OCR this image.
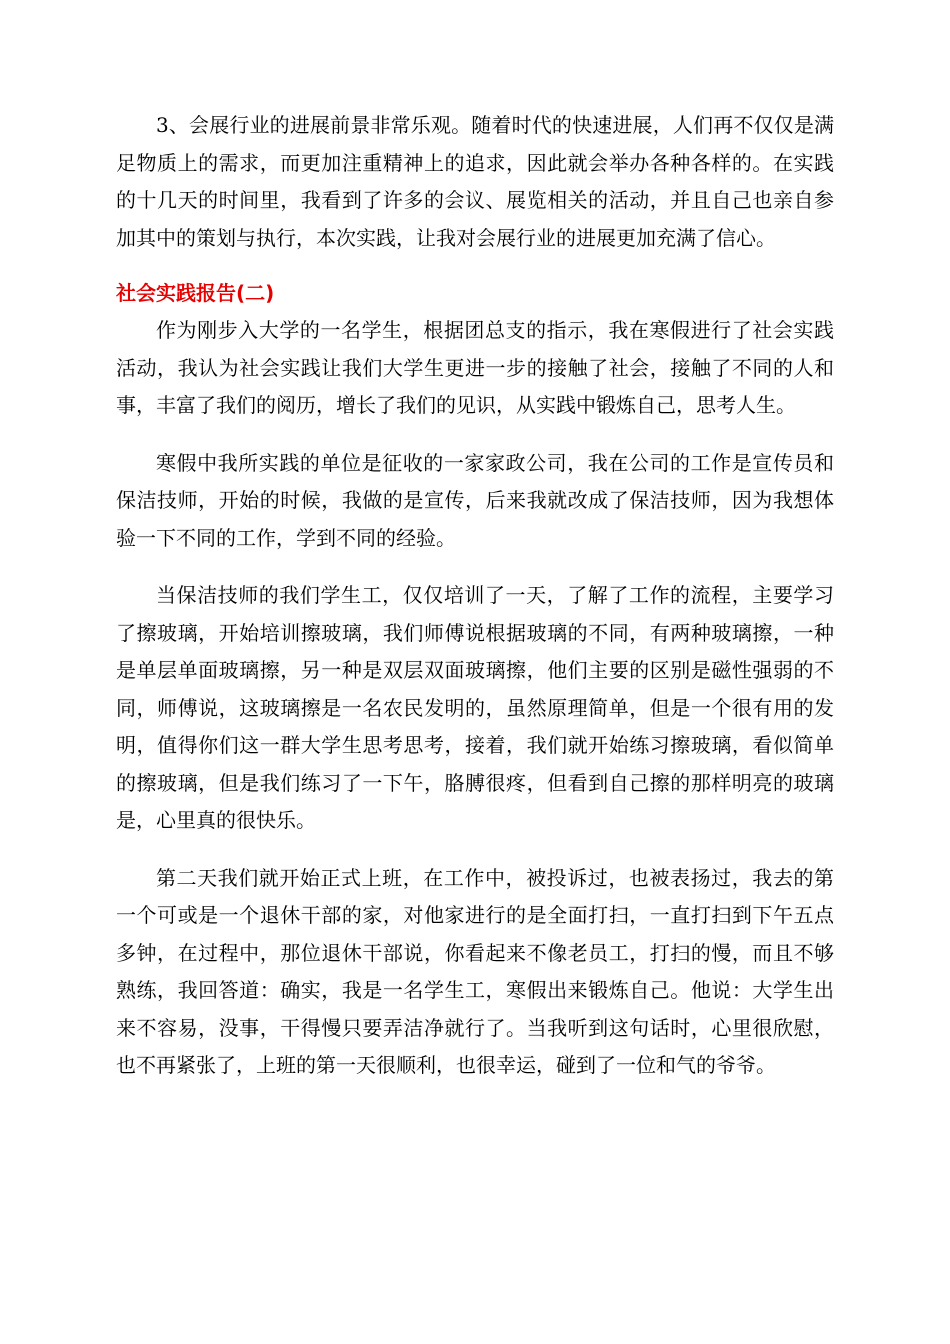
3、会展行业的进展前景非常乐观。随着时代的快速进展，人们再不仅仅是满足物质上的需求，而更加注重精神上的追求，因此就会举办各种各样的。在实践的十几天的时间里，我看到了许多的会议、展览相关的活动，并且自己也亲自参加其中的策划与执行，本次实践，让我对会展行业的进展更加充满了信心。

社会实践报告(二)

作为刚步入大学的一名学生，根据团总支的指示，我在寒假进行了社会实践活动，我认为社会实践让我们大学生更进一步的接触了社会，接触了不同的人和事，丰富了我们的阅历，增长了我们的见识，从实践中锻炼自己，思考人生。

寒假中我所实践的单位是征收的一家家政公司，我在公司的工作是宣传员和保洁技师，开始的时候，我做的是宣传，后来我就改成了保洁技师，因为我想体验一下不同的工作，学到不同的经验。

当保洁技师的我们学生工，仅仅培训了一天，了解了工作的流程，主要学习了擦玻璃，开始培训擦玻璃，我们师傅说根据玻璃的不同，有两种玻璃擦，一种是单层单面玻璃擦，另一种是双层双面玻璃擦，他们主要的区别是磁性强弱的不同，师傅说，这玻璃擦是一名农民发明的，虽然原理简单，但是一个很有用的发明，值得你们这一群大学生思考思考，接着，我们就开始练习擦玻璃，看似简单的擦玻璃，但是我们练习了一下午，胳膊很疼，但看到自己擦的那样明亮的玻璃是，心里真的很快乐。

第二天我们就开始正式上班，在工作中，被投诉过，也被表扬过，我去的第一个可或是一个退休干部的家，对他家进行的是全面打扫，一直打扫到下午五点多钟，在过程中，那位退休干部说，你看起来不像老员工，打扫的慢，而且不够熟练，我回答道：确实，我是一名学生工，寒假出来锻炼自己。他说：大学生出来不容易，没事，干得慢只要弄洁净就行了。当我听到这句话时，心里很欣慰，也不再紧张了，上班的第一天很顺利，也很幸运，碰到了一位和气的爷爷。
